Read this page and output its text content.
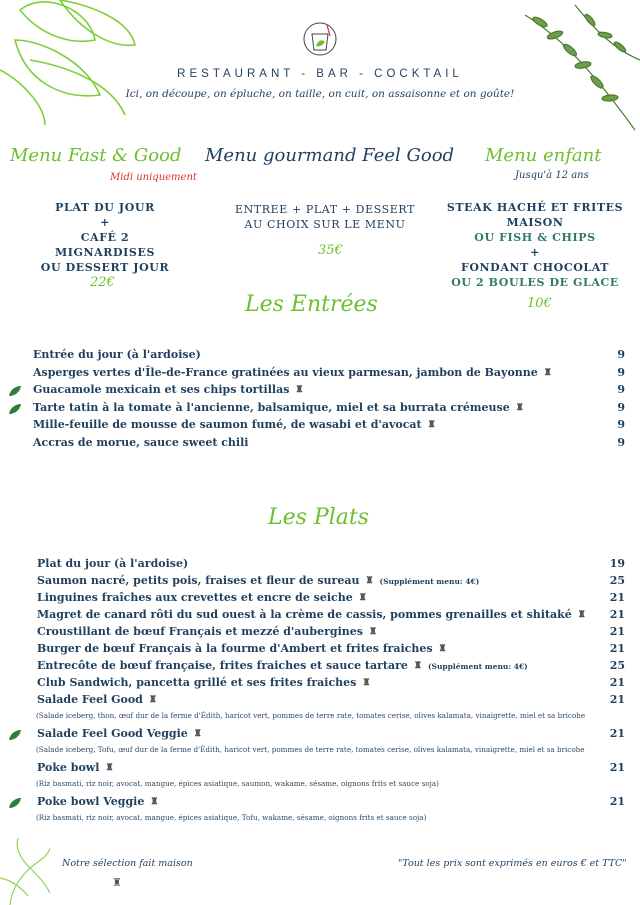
RESTAURANT - BAR - COCKTAIL
Ici, on découpe, on épluche, on taille, on cuit, on assaisonne et on goûte!
Menu Fast & Good
Midi uniquement
PLAT DU JOUR
+
CAFÉ 2
MIGNARDISES
OU DESSERT JOUR
22€
Menu gourmand Feel Good
ENTREE + PLAT + DESSERT
AU CHOIX SUR LE MENU
35€
Menu enfant
Jusqu'à 12 ans
STEAK HACHÉ ET FRITES
MAISON
OU FISH & CHIPS
+
FONDANT CHOCOLAT
OU 2 BOULES DE GLACE
10€
Les Entrées
Entrée du jour (à l'ardoise)	9
Asperges vertes d'Île-de-France gratinées au vieux parmesan, jambon de Bayonne ♜	9
Guacamole mexicain et ses chips tortillas ♜	9
Tarte tatin à la tomate à l'ancienne, balsamique, miel et sa burrata crémeuse ♜	9
Mille-feuille de mousse de saumon fumé, de wasabi et d'avocat ♜	9
Accras de morue, sauce sweet chili	9
Les Plats
Plat du jour (à l'ardoise)	19
Saumon nacré, petits pois, fraises et fleur de sureau ♜ (Supplément menu: 4€)	25
Linguines fraîches aux crevettes et encre de seiche ♜	21
Magret de canard rôti du sud ouest à la crème de cassis, pommes grenailles et shitaké ♜ 21
Croustillant de bœuf Français et mezzé d'aubergines ♜	21
Burger de bœuf Français à la fourme d'Ambert et frites fraiches ♜	21
Entrecôte de bœuf française, frites fraiches et sauce tartare ♜ (Supplément menu: 4€)	25
Club Sandwich, pancetta grillé et ses frites fraiches ♜	21
Salade Feel Good ♜	21
(Salade iceberg, thon, œuf dur de la ferme d'Édith, haricot vert, pommes de terre rate, tomates cerise, olives kalamata, vinaigrette, miel et sa bricohe
Salade Feel Good Veggie ♜	21
(Salade iceberg, Tofu, œuf dur de la ferme d'Édith, haricot vert, pommes de terre rate, tomates cerise, olives kalamata, vinaigrette, miel et sa bricohe
Poke bowl ♜	21
(Riz basmati, riz noir, avocat, mangue, épices asiatique, saumon, wakame, sésame, oignons frits et sauce soja)
Poke bowl Veggie ♜	21
(Riz basmati, riz noir, avocat, mangue, épices asiatique, Tofu, wakame, sésame, oignons frits et sauce soja)
Notre sélection fait maison
♜
"Tout les prix sont exprimés en euros € et TTC"
